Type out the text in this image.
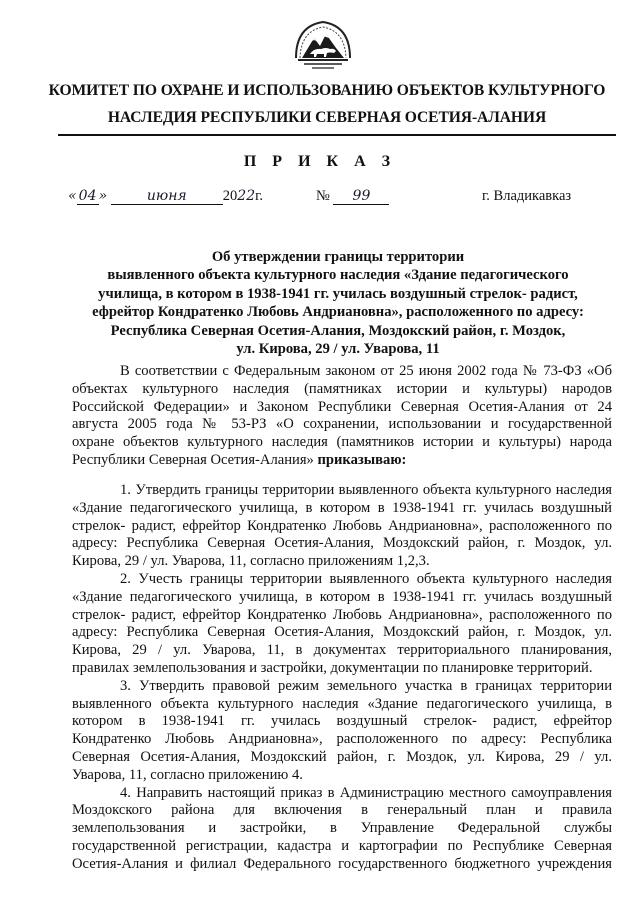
КОМИТЕТ ПО ОХРАНЕ И ИСПОЛЬЗОВАНИЮ ОБЪЕКТОВ КУЛЬТУРНОГО
НАСЛЕДИЯ РЕСПУБЛИКИ СЕВЕРНАЯ ОСЕТИЯ-АЛАНИЯ
П Р И К А З
« 04 »	июня 2022г.	№ 99	г. Владикавказ
Об утверждении границы территории
выявленного объекта культурного наследия «Здание педагогического
училища, в котором в 1938-1941 гг. училась воздушный стрелок- радист,
ефрейтор Кондратенко Любовь Андриановна», расположенного по адресу:
Республика Северная Осетия-Алания, Моздокский район, г. Моздок,
ул. Кирова, 29 / ул. Уварова, 11
В соответствии с Федеральным законом от 25 июня 2002 года № 73-ФЗ «Об
объектах культурного наследия (памятниках истории и культуры) народов
Российской Федерации» и Законом Республики Северная Осетия-Алания от 24
августа 2005 года № 53-РЗ «О сохранении, использовании и государственной
охране объектов культурного наследия (памятников истории и культуры) народа
Республики Северная Осетия-Алания» приказываю:
1. Утвердить границы территории выявленного объекта культурного наследия
«Здание педагогического училища, в котором в 1938-1941 гг. училась воздушный
стрелок- радист, ефрейтор Кондратенко Любовь Андриановна», расположенного по
адресу: Республика Северная Осетия-Алания, Моздокский район, г. Моздок, ул.
Кирова, 29 / ул. Уварова, 11, согласно приложениям 1,2,3.
2. Учесть границы территории выявленного объекта культурного наследия
«Здание педагогического училища, в котором в 1938-1941 гг. училась воздушный
стрелок- радист, ефрейтор Кондратенко Любовь Андриановна», расположенного по
адресу: Республика Северная Осетия-Алания, Моздокский район, г. Моздок, ул.
Кирова, 29 / ул. Уварова, 11, в документах территориального планирования,
правилах землепользования и застройки, документации по планировке территорий.
3. Утвердить правовой режим земельного участка в границах территории
выявленного объекта культурного наследия «Здание педагогического училища, в
котором в 1938-1941 гг. училась воздушный стрелок- радист, ефрейтор
Кондратенко Любовь Андриановна», расположенного по адресу: Республика
Северная Осетия-Алания, Моздокский район, г. Моздок, ул. Кирова, 29 / ул.
Уварова, 11, согласно приложению 4.
4. Направить настоящий приказ в Администрацию местного самоуправления
Моздокского района для включения в генеральный план и правила
землепользования и застройки, в Управление Федеральной службы
государственной регистрации, кадастра и картографии по Республике Северная
Осетия-Алания и филиал Федерального государственного бюджетного учреждения
